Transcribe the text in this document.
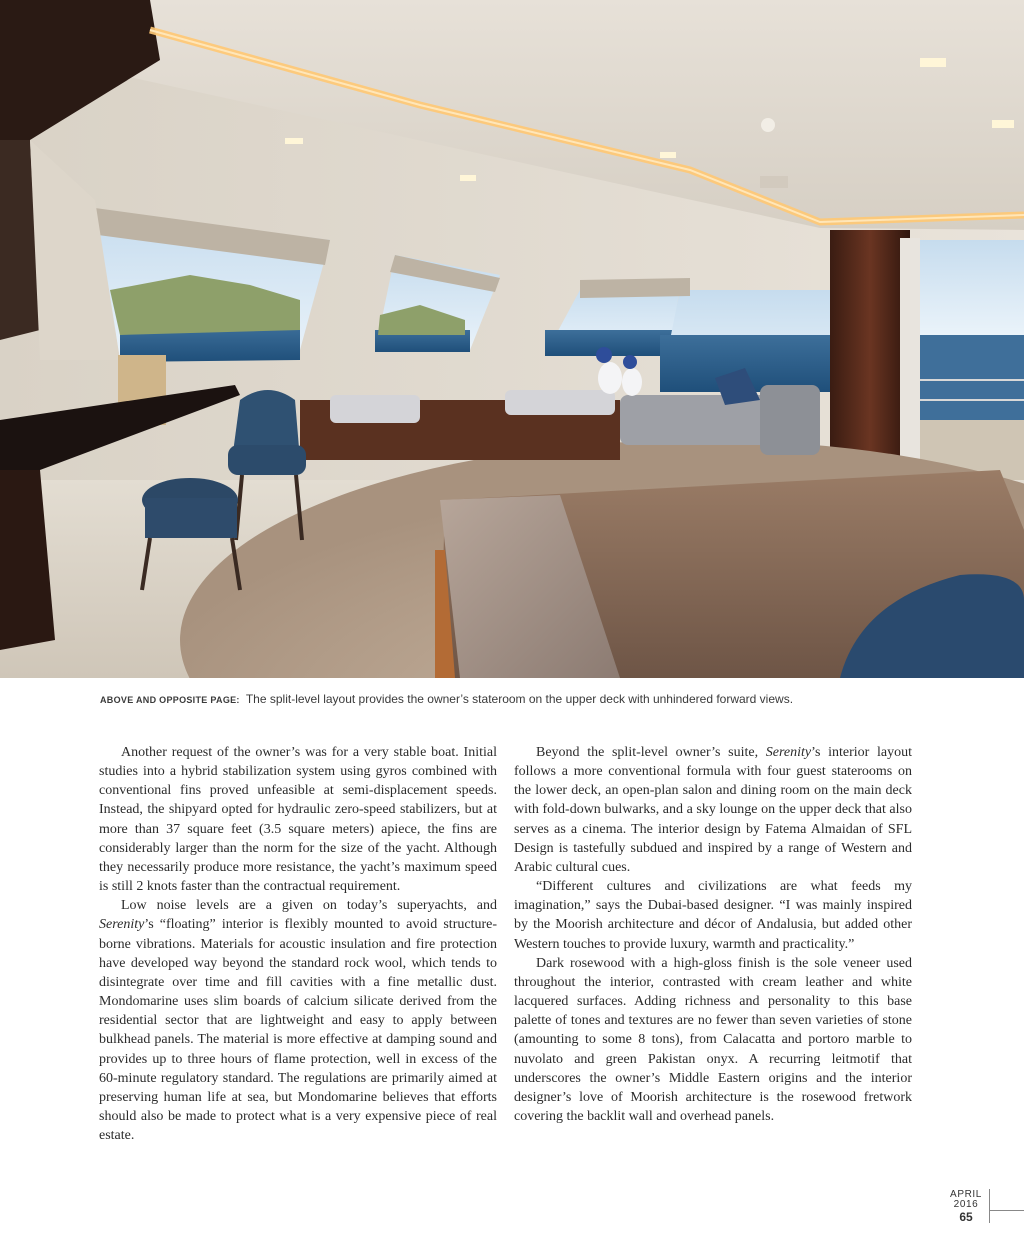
ABOVE AND OPPOSITE PAGE: The split-level layout provides the owner’s stateroom on the upper deck with unhindered forward views.

Another request of the owner’s was for a very stable boat. Initial studies into a hybrid stabilization system using gyros combined with conventional fins proved unfeasible at semi-displacement speeds. Instead, the shipyard opted for hydraulic zero-speed stabilizers, but at more than 37 square feet (3.5 square meters) apiece, the fins are considerably larger than the norm for the size of the yacht. Although they necessarily produce more resistance, the yacht’s maximum speed is still 2 knots faster than the contractual requirement.

Low noise levels are a given on today’s superyachts, and Serenity’s “floating” interior is flexibly mounted to avoid structure-borne vibrations. Materials for acoustic insulation and fire protection have developed way beyond the standard rock wool, which tends to disintegrate over time and fill cavities with a fine metallic dust. Mondomarine uses slim boards of calcium silicate derived from the residential sector that are lightweight and easy to apply between bulkhead panels. The material is more effective at damping sound and provides up to three hours of flame protection, well in excess of the 60-minute regulatory standard. The regulations are primarily aimed at preserving human life at sea, but Mondomarine believes that efforts should also be made to protect what is a very expensive piece of real estate.

Beyond the split-level owner’s suite, Serenity’s interior layout follows a more conventional formula with four guest staterooms on the lower deck, an open-plan salon and dining room on the main deck with fold-down bulwarks, and a sky lounge on the upper deck that also serves as a cinema. The interior design by Fatema Almaidan of SFL Design is tastefully subdued and inspired by a range of Western and Arabic cultural cues.

“Different cultures and civilizations are what feeds my imagination,” says the Dubai-based designer. “I was mainly inspired by the Moorish architecture and décor of Andalusia, but added other Western touches to provide luxury, warmth and practicality.”

Dark rosewood with a high-gloss finish is the sole veneer used throughout the interior, contrasted with cream leather and white lacquered surfaces. Adding richness and personality to this base palette of tones and textures are no fewer than seven varieties of stone (amounting to some 8 tons), from Calacatta and portoro marble to nuvolato and green Pakistan onyx. A recurring leitmotif that underscores the owner’s Middle Eastern origins and the interior designer’s love of Moorish architecture is the rosewood fretwork covering the backlit wall and overhead panels.

APRIL
2016
65
